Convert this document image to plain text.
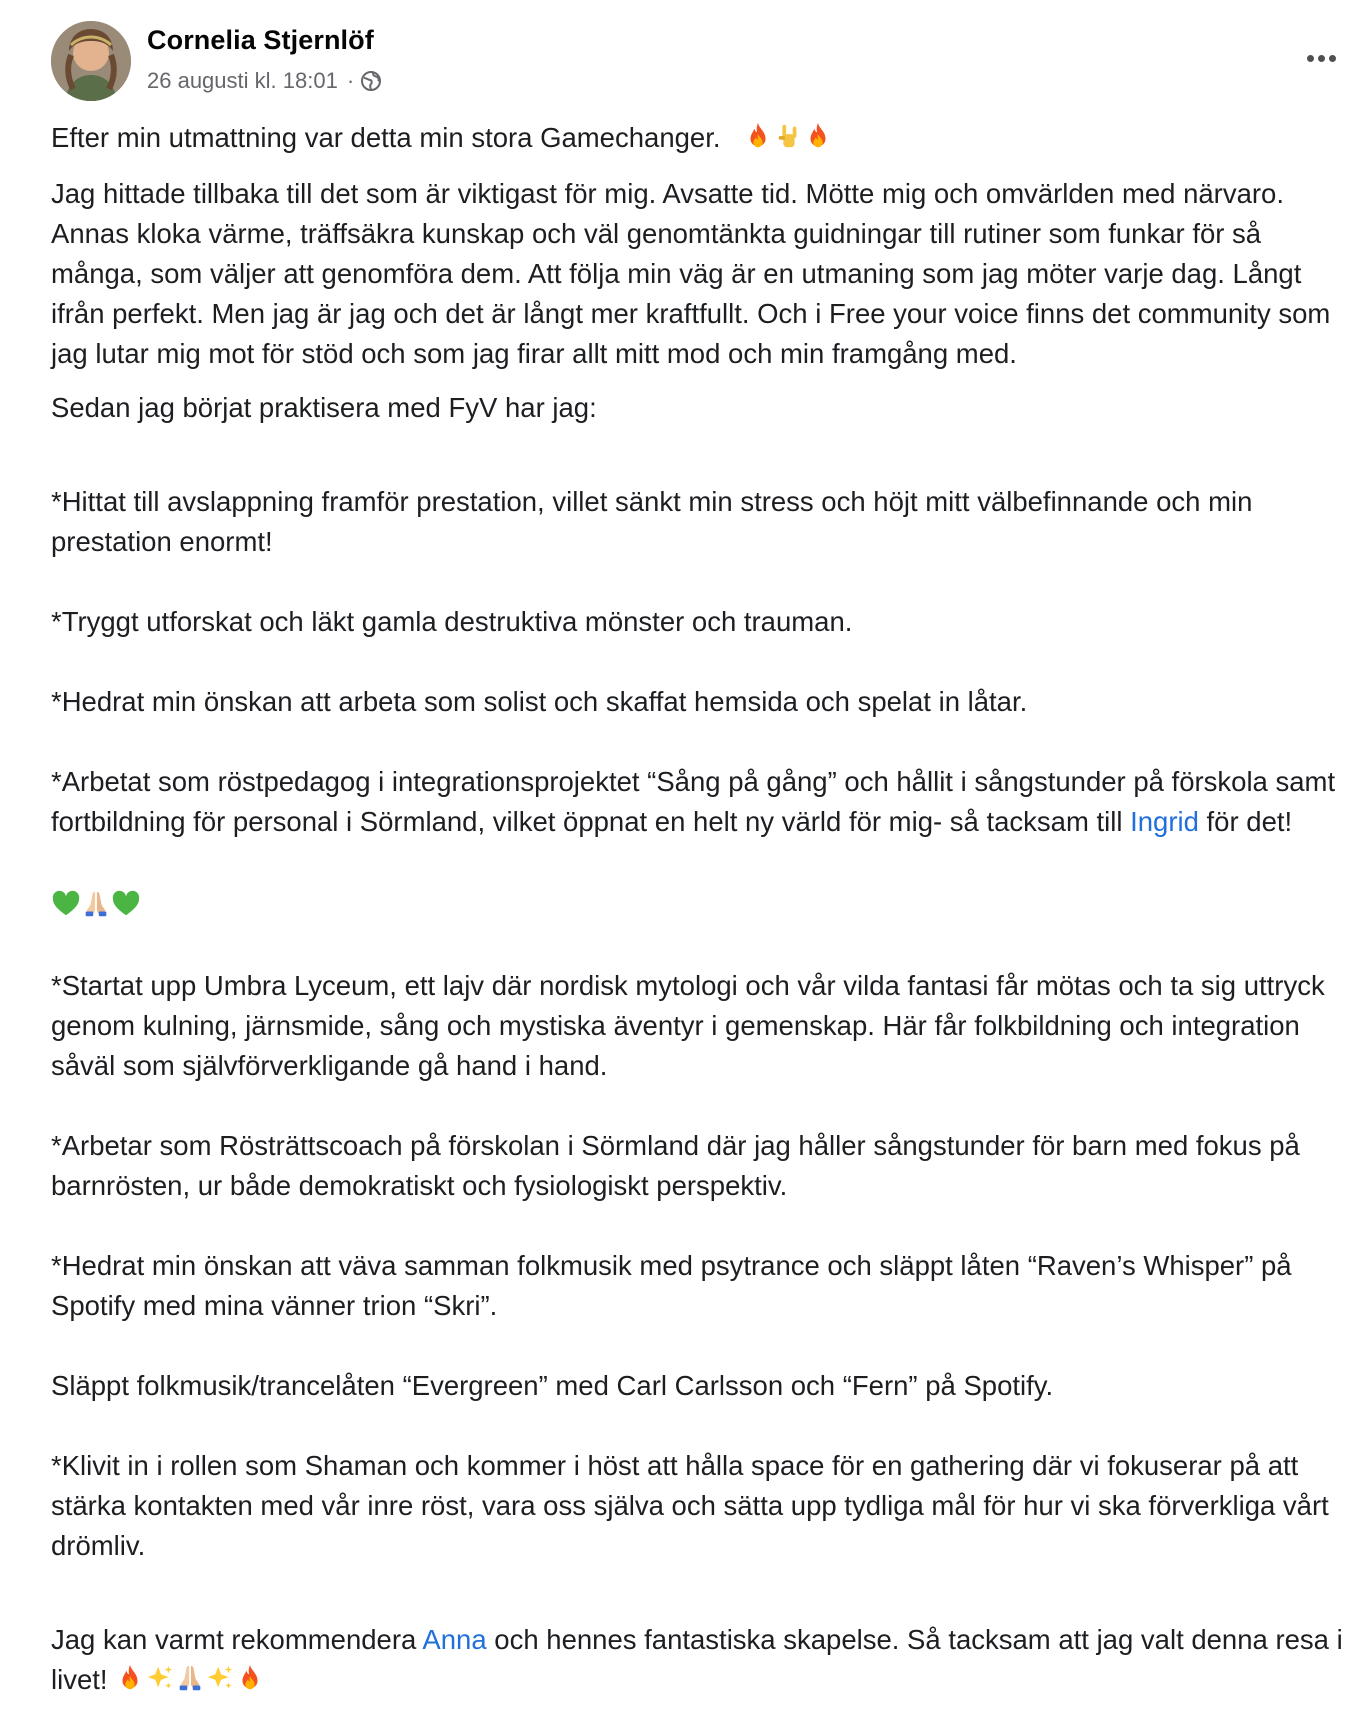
Cornelia Stjernlöf
26 augusti kl. 18:01 ·

Efter min utmattning var detta min stora Gamechanger.

Jag hittade tillbaka till det som är viktigast för mig. Avsatte tid. Mötte mig och omvärlden med närvaro. Annas kloka värme, träffsäkra kunskap och väl genomtänkta guidningar till rutiner som funkar för så många, som väljer att genomföra dem. Att följa min väg är en utmaning som jag möter varje dag. Långt ifrån perfekt. Men jag är jag och det är långt mer kraftfullt. Och i Free your voice finns det community som jag lutar mig mot för stöd och som jag firar allt mitt mod och min framgång med.

Sedan jag börjat praktisera med FyV har jag:

*Hittat till avslappning framför prestation, villet sänkt min stress och höjt mitt välbefinnande och min prestation enormt!

*Tryggt utforskat och läkt gamla destruktiva mönster och trauman.

*Hedrat min önskan att arbeta som solist och skaffat hemsida och spelat in låtar.

*Arbetat som röstpedagog i integrationsprojektet “Sång på gång” och hållit i sångstunder på förskola samt fortbildning för personal i Sörmland, vilket öppnat en helt ny värld för mig- så tacksam till Ingrid för det!

*Startat upp Umbra Lyceum, ett lajv där nordisk mytologi och vår vilda fantasi får mötas och ta sig uttryck genom kulning, järnsmide, sång och mystiska äventyr i gemenskap. Här får folkbildning och integration såväl som självförverkligande gå hand i hand.

*Arbetar som Rösträttscoach på förskolan i Sörmland där jag håller sångstunder för barn med fokus på barnrösten, ur både demokratiskt och fysiologiskt perspektiv.

*Hedrat min önskan att väva samman folkmusik med psytrance och släppt låten “Raven’s Whisper” på Spotify med mina vänner trion “Skri”.

Släppt folkmusik/trancelåten “Evergreen” med Carl Carlsson och “Fern” på Spotify.

*Klivit in i rollen som Shaman och kommer i höst att hålla space för en gathering där vi fokuserar på att stärka kontakten med vår inre röst, vara oss själva och sätta upp tydliga mål för hur vi ska förverkliga vårt drömliv.

Jag kan varmt rekommendera Anna och hennes fantastiska skapelse. Så tacksam att jag valt denna resa i livet!
